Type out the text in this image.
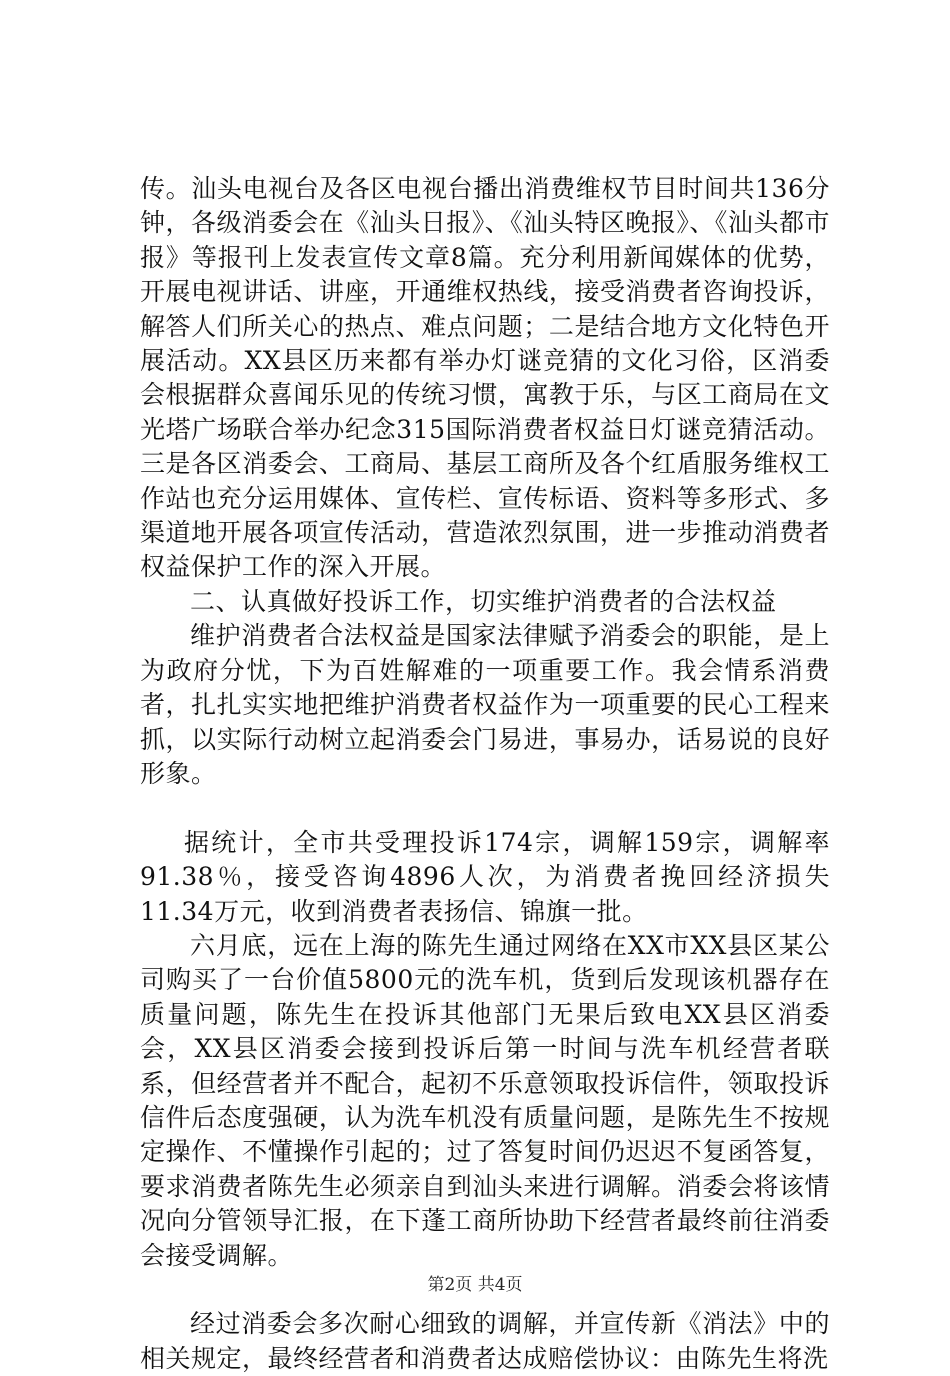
传。汕头电视台及各区电视台播出消费维权节目时间共136分钟，各级消委会在《汕头日报》、《汕头特区晚报》、《汕头都市报》等报刊上发表宣传文章8篇。充分利用新闻媒体的优势，开展电视讲话、讲座，开通维权热线，接受消费者咨询投诉，解答人们所关心的热点、难点问题；二是结合地方文化特色开展活动。XX县区历来都有举办灯谜竞猜的文化习俗，区消委会根据群众喜闻乐见的传统习惯，寓教于乐，与区工商局在文光塔广场联合举办纪念315国际消费者权益日灯谜竞猜活动。三是各区消委会、工商局、基层工商所及各个红盾服务维权工作站也充分运用媒体、宣传栏、宣传标语、资料等多形式、多渠道地开展各项宣传活动，营造浓烈氛围，进一步推动消费者权益保护工作的深入开展。

二、认真做好投诉工作，切实维护消费者的合法权益

维护消费者合法权益是国家法律赋予消委会的职能，是上为政府分忧，下为百姓解难的一项重要工作。我会情系消费者，扎扎实实地把维护消费者权益作为一项重要的民心工程来抓，以实际行动树立起消委会门易进，事易办，话易说的良好形象。

据统计，全市共受理投诉174宗，调解159宗，调解率91.38％，接受咨询4896人次，为消费者挽回经济损失11.34万元，收到消费者表扬信、锦旗一批。

六月底，远在上海的陈先生通过网络在XX市XX县区某公司购买了一台价值5800元的洗车机，货到后发现该机器存在质量问题，陈先生在投诉其他部门无果后致电XX县区消委会，XX县区消委会接到投诉后第一时间与洗车机经营者联系，但经营者并不配合，起初不乐意领取投诉信件，领取投诉信件后态度强硬，认为洗车机没有质量问题，是陈先生不按规定操作、不懂操作引起的；过了答复时间仍迟迟不复函答复，要求消费者陈先生必须亲自到汕头来进行调解。消委会将该情况向分管领导汇报，在下蓬工商所协助下经营者最终前往消委会接受调解。

经过消委会多次耐心细致的调解，并宣传新《消法》中的相关规定，最终经营者和消费者达成赔偿协议：由陈先生将洗

第2页 共4页
